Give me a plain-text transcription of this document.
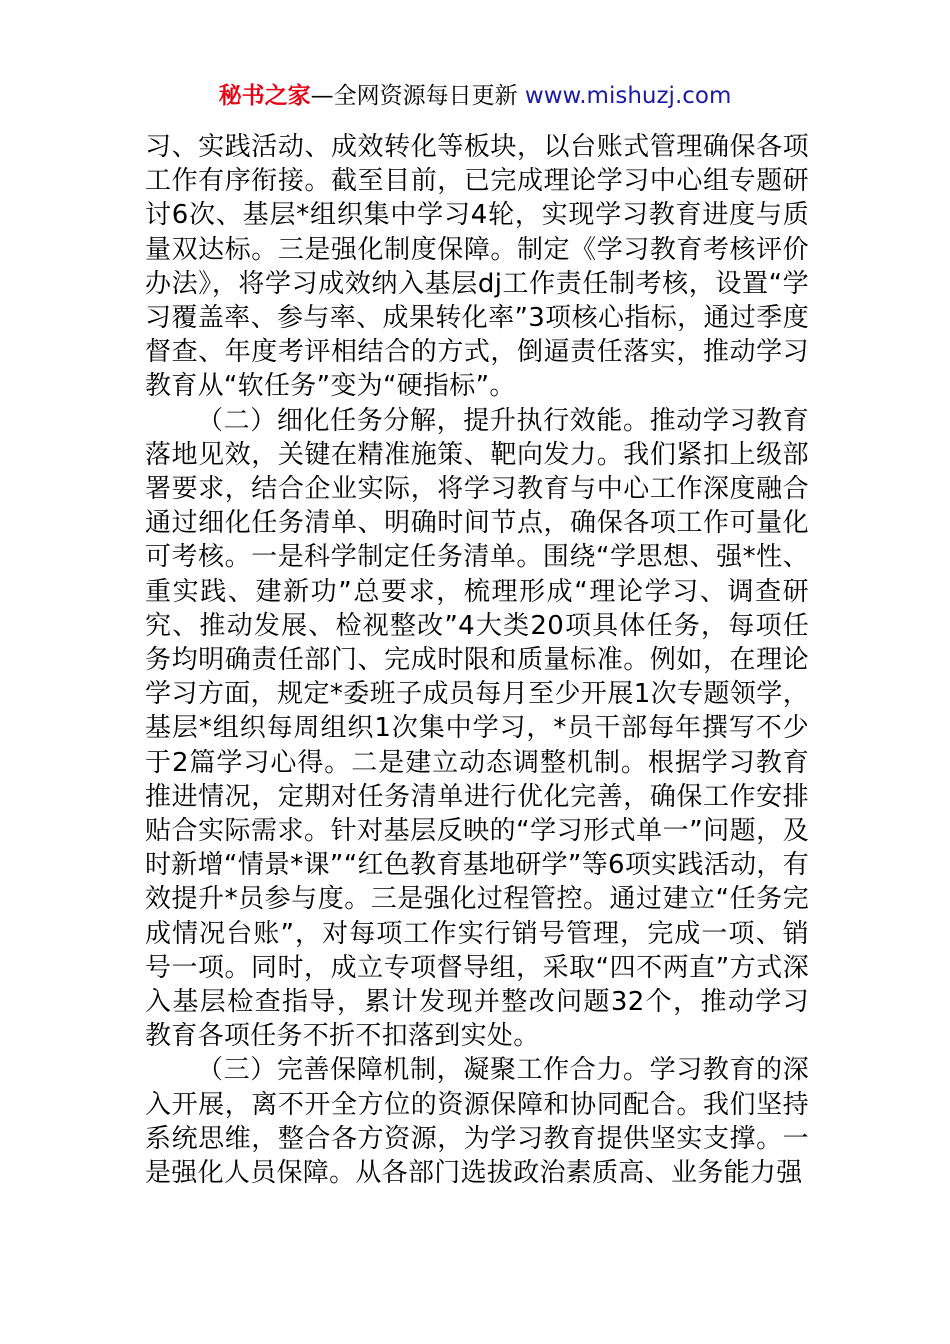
秘书之家—全网资源每日更新 www.mishuzj.com

习、实践活动、成效转化等板块，以台账式管理确保各项工作有序衔接。截至目前，已完成理论学习中心组专题研讨6次、基层*组织集中学习4轮，实现学习教育进度与质量双达标。三是强化制度保障。制定《学习教育考核评价办法》，将学习成效纳入基层dj工作责任制考核，设置“学习覆盖率、参与率、成果转化率”3项核心指标，通过季度督查、年度考评相结合的方式，倒逼责任落实，推动学习教育从“软任务”变为“硬指标”。

（二）细化任务分解，提升执行效能。推动学习教育落地见效，关键在精准施策、靶向发力。我们紧扣上级部署要求，结合企业实际，将学习教育与中心工作深度融合通过细化任务清单、明确时间节点，确保各项工作可量化可考核。一是科学制定任务清单。围绕“学思想、强*性、重实践、建新功”总要求，梳理形成“理论学习、调查研究、推动发展、检视整改”4大类20项具体任务，每项任务均明确责任部门、完成时限和质量标准。例如，在理论学习方面，规定*委班子成员每月至少开展1次专题领学，基层*组织每周组织1次集中学习，*员干部每年撰写不少于2篇学习心得。二是建立动态调整机制。根据学习教育推进情况，定期对任务清单进行优化完善，确保工作安排贴合实际需求。针对基层反映的“学习形式单一”问题，及时新增“情景*课”“红色教育基地研学”等6项实践活动，有效提升*员参与度。三是强化过程管控。通过建立“任务完成情况台账”，对每项工作实行销号管理，完成一项、销号一项。同时，成立专项督导组，采取“四不两直”方式深入基层检查指导，累计发现并整改问题32个，推动学习教育各项任务不折不扣落到实处。

（三）完善保障机制，凝聚工作合力。学习教育的深入开展，离不开全方位的资源保障和协同配合。我们坚持系统思维，整合各方资源，为学习教育提供坚实支撑。一是强化人员保障。从各部门选拔政治素质高、业务能力强
